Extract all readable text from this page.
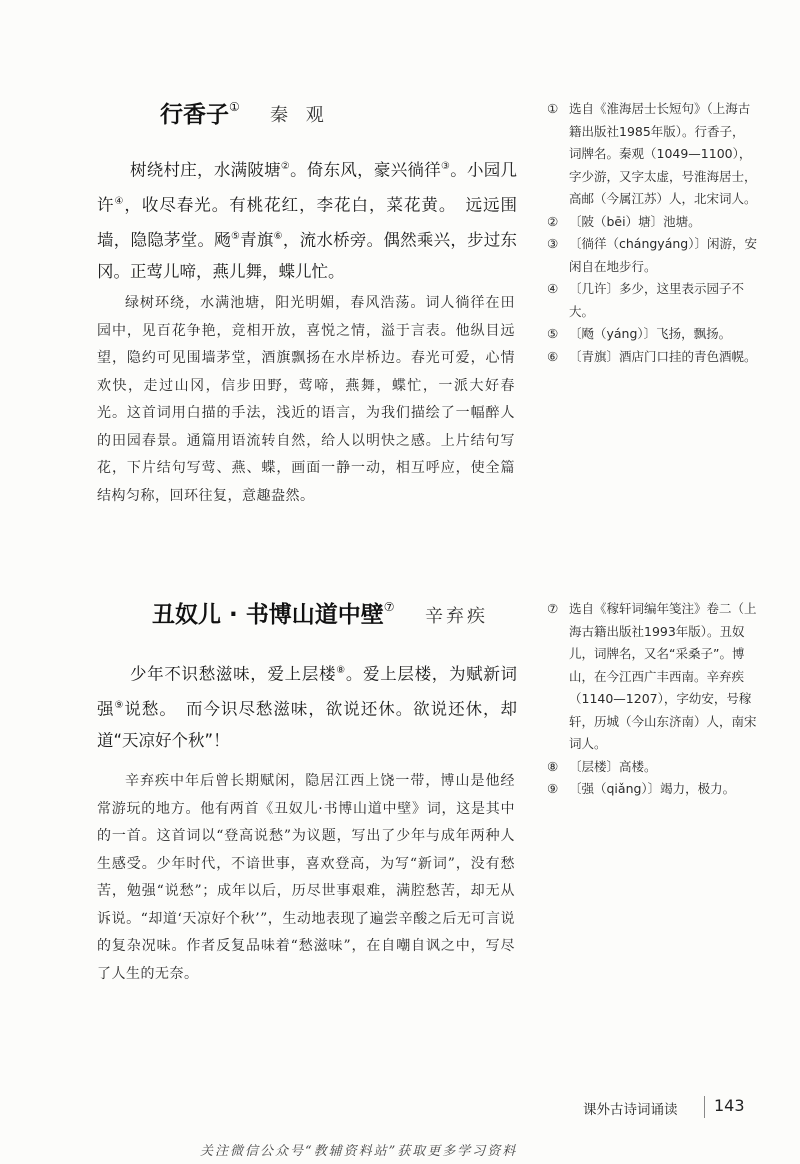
行香子① 秦 观

树绕村庄，水满陂塘②。倚东风，豪兴徜徉③。小园几许④，收尽春光。有桃花红，李花白，菜花黄。　远远围墙，隐隐茅堂。飏⑤青旗⑥，流水桥旁。偶然乘兴，步过东冈。正莺儿啼，燕儿舞，蝶儿忙。

绿树环绕，水满池塘，阳光明媚，春风浩荡。词人徜徉在田园中，见百花争艳，竞相开放，喜悦之情，溢于言表。他纵目远望，隐约可见围墙茅堂，酒旗飘扬在水岸桥边。春光可爱，心情欢快，走过山冈，信步田野，莺啼，燕舞，蝶忙，一派大好春光。这首词用白描的手法，浅近的语言，为我们描绘了一幅醉人的田园春景。通篇用语流转自然，给人以明快之感。上片结句写花，下片结句写莺、燕、蝶，画面一静一动，相互呼应，使全篇结构匀称，回环往复，意趣盎然。

① 选自《淮海居士长短句》（上海古籍出版社1985年版）。行香子，词牌名。秦观（1049—1100），字少游，又字太虚，号淮海居士，高邮（今属江苏）人，北宋词人。
② 〔陂（bēi）塘〕池塘。
③ 〔徜徉（chángyáng）〕闲游，安闲自在地步行。
④ 〔几许〕多少，这里表示园子不大。
⑤ 〔飏（yáng）〕飞扬，飘扬。
⑥ 〔青旗〕酒店门口挂的青色酒幌。
丑奴儿 · 书博山道中壁⑦ 辛弃疾

少年不识愁滋味，爱上层楼⑧。爱上层楼，为赋新词强⑨说愁。　而今识尽愁滋味，欲说还休。欲说还休，却道“天凉好个秋”！

辛弃疾中年后曾长期赋闲，隐居江西上饶一带，博山是他经常游玩的地方。他有两首《丑奴儿·书博山道中壁》词，这是其中的一首。这首词以“登高说愁”为议题，写出了少年与成年两种人生感受。少年时代，不谙世事，喜欢登高，为写“新词”，没有愁苦，勉强“说愁”；成年以后，历尽世事艰难，满腔愁苦，却无从诉说。“却道‘天凉好个秋’”，生动地表现了遍尝辛酸之后无可言说的复杂况味。作者反复品味着“愁滋味”，在自嘲自讽之中，写尽了人生的无奈。

⑦ 选自《稼轩词编年笺注》卷二（上海古籍出版社1993年版）。丑奴儿，词牌名，又名“采桑子”。博山，在今江西广丰西南。辛弃疾（1140—1207），字幼安，号稼轩，历城（今山东济南）人，南宋词人。
⑧ 〔层楼〕高楼。
⑨ 〔强（qiǎng）〕竭力，极力。
课外古诗词诵读 143
关注微信公众号“教辅资料站”获取更多学习资料
